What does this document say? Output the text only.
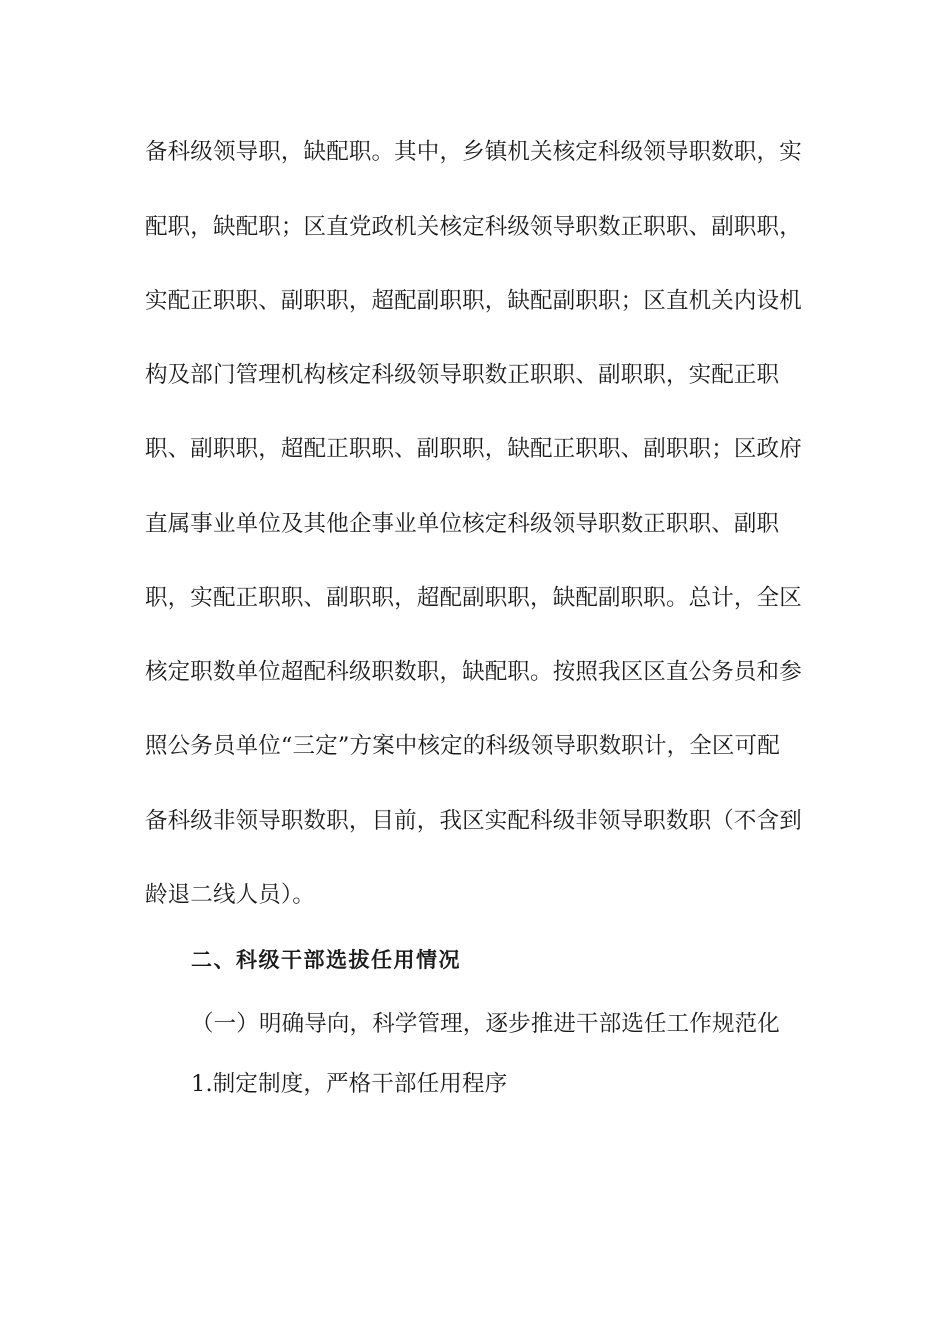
备科级领导职，缺配职。其中，乡镇机关核定科级领导职数职，实
配职，缺配职；区直党政机关核定科级领导职数正职职、副职职，
实配正职职、副职职，超配副职职，缺配副职职；区直机关内设机
构及部门管理机构核定科级领导职数正职职、副职职，实配正职
职、副职职，超配正职职、副职职，缺配正职职、副职职；区政府
直属事业单位及其他企事业单位核定科级领导职数正职职、副职
职，实配正职职、副职职，超配副职职，缺配副职职。总计，全区
核定职数单位超配科级职数职，缺配职。按照我区区直公务员和参
照公务员单位“三定”方案中核定的科级领导职数职计，全区可配
备科级非领导职数职，目前，我区实配科级非领导职数职（不含到
龄退二线人员）。
二、科级干部选拔任用情况
（一）明确导向，科学管理，逐步推进干部选任工作规范化
1.制定制度，严格干部任用程序
